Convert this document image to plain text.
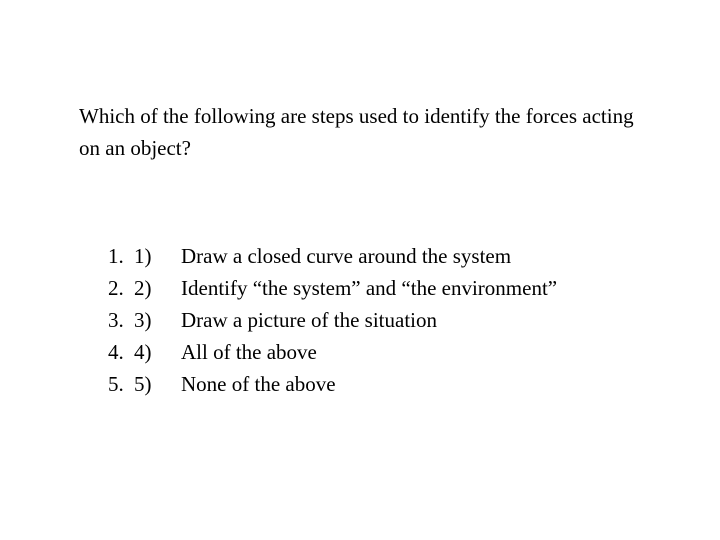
Which of the following are steps used to identify the forces acting on an object?

1. 1)	Draw a closed curve around the system
2. 2)	Identify “the system” and “the environment”
3. 3)	Draw a picture of the situation
4. 4)	All of the above
5. 5)	None of the above
